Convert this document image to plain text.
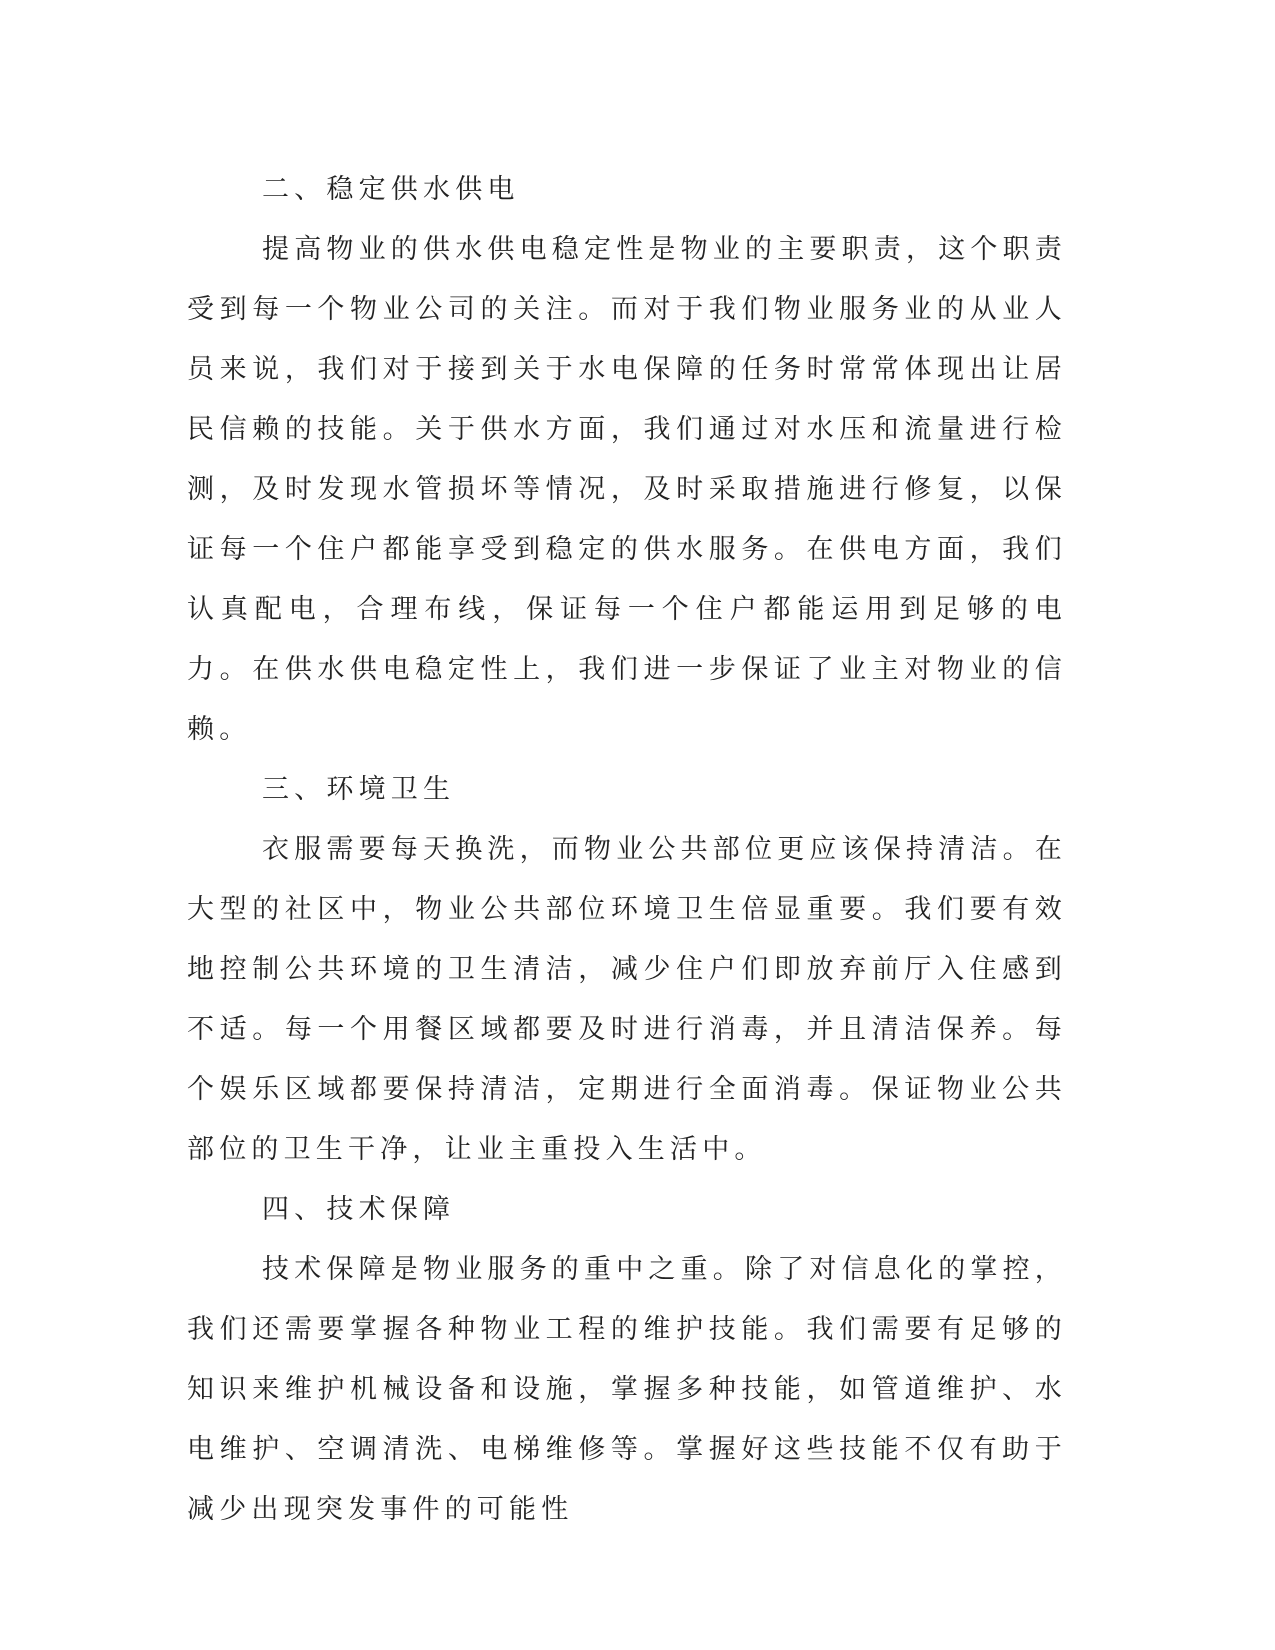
二、稳定供水供电

提高物业的供水供电稳定性是物业的主要职责，这个职责受到每一个物业公司的关注。而对于我们物业服务业的从业人员来说，我们对于接到关于水电保障的任务时常常体现出让居民信赖的技能。关于供水方面，我们通过对水压和流量进行检测，及时发现水管损坏等情况，及时采取措施进行修复，以保证每一个住户都能享受到稳定的供水服务。在供电方面，我们认真配电，合理布线，保证每一个住户都能运用到足够的电力。在供水供电稳定性上，我们进一步保证了业主对物业的信赖。

三、环境卫生

衣服需要每天换洗，而物业公共部位更应该保持清洁。在大型的社区中，物业公共部位环境卫生倍显重要。我们要有效地控制公共环境的卫生清洁，减少住户们即放弃前厅入住感到不适。每一个用餐区域都要及时进行消毒，并且清洁保养。每个娱乐区域都要保持清洁，定期进行全面消毒。保证物业公共部位的卫生干净，让业主重投入生活中。

四、技术保障

技术保障是物业服务的重中之重。除了对信息化的掌控，我们还需要掌握各种物业工程的维护技能。我们需要有足够的知识来维护机械设备和设施，掌握多种技能，如管道维护、水电维护、空调清洗、电梯维修等。掌握好这些技能不仅有助于减少出现突发事件的可能性
